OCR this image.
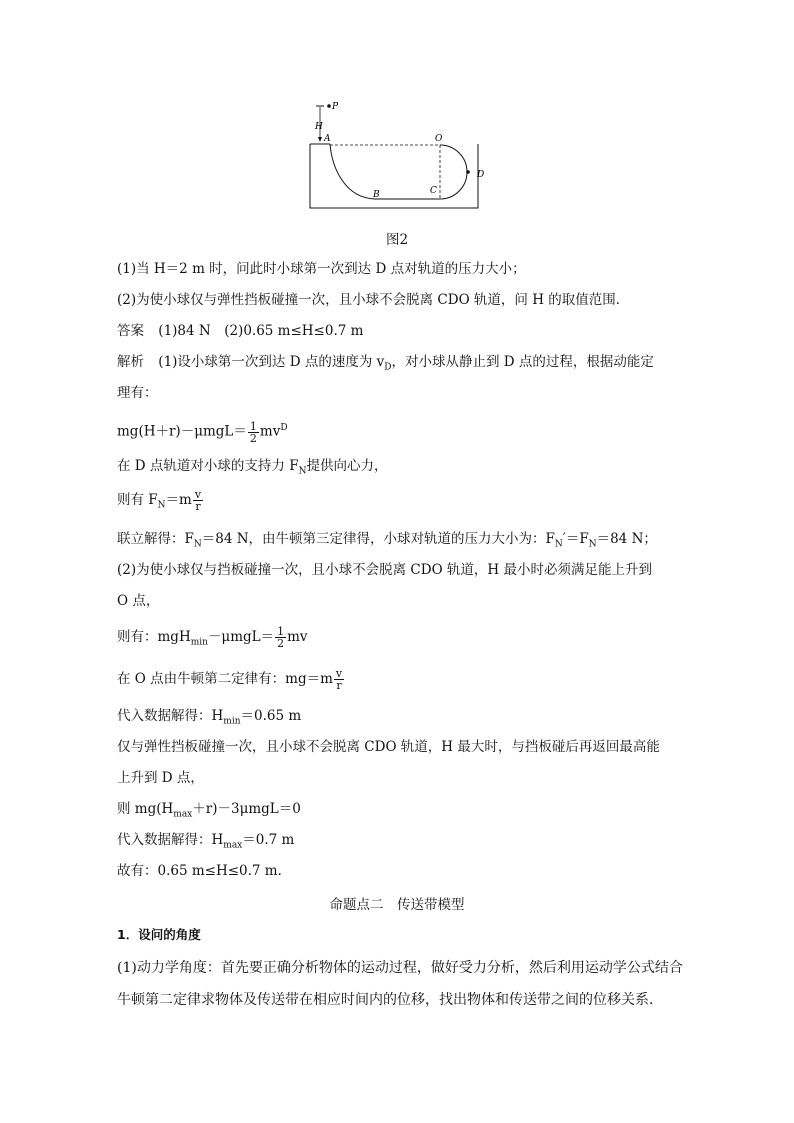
P
H
A	O
B	C
D
图2
(1)当 H＝2 m 时，问此时小球第一次到达 D 点对轨道的压力大小；
(2)为使小球仅与弹性挡板碰撞一次，且小球不会脱离 CDO 轨道，问 H 的取值范围．
答案 (1)84 N　(2)0.65 m≤H≤0.7 m
解析 (1)设小球第一次到达 D 点的速度为 $v_D$，对小球从静止到 D 点的过程，根据动能定
理有：
$mg(H+r)-\mu mgL= \frac{1}{2} mv^D$
在 D 点轨道对小球的支持力 $F_N$提供向心力，
则有 $F_N=m \frac{v}{r}$
联立解得：$F_N=84$ N，由牛顿第三定律得，小球对轨道的压力大小为：$F_N'=F_N=84$ N；
(2)为使小球仅与挡板碰撞一次，且小球不会脱离 CDO 轨道，H 最小时必须满足能上升到
O 点，
则有：$mgH_{min}-\mu mgL= \frac{1}{2}$ mv
在 O 点由牛顿第二定律有：$mg=m \frac{v}{r}$
代入数据解得：$H_{min}=0.65$ m
仅与弹性挡板碰撞一次，且小球不会脱离 CDO 轨道，H 最大时，与挡板碰后再返回最高能
上升到 D 点，
则 $mg(H_{max}+r)-3\mu mgL=0$
代入数据解得：$H_{max}=0.7$ m
故有：0.65 m≤H≤0.7 m．
命题点二　传送带模型
1．设问的角度
(1)动力学角度：首先要正确分析物体的运动过程，做好受力分析，然后利用运动学公式结合
牛顿第二定律求物体及传送带在相应时间内的位移，找出物体和传送带之间的位移关系．
